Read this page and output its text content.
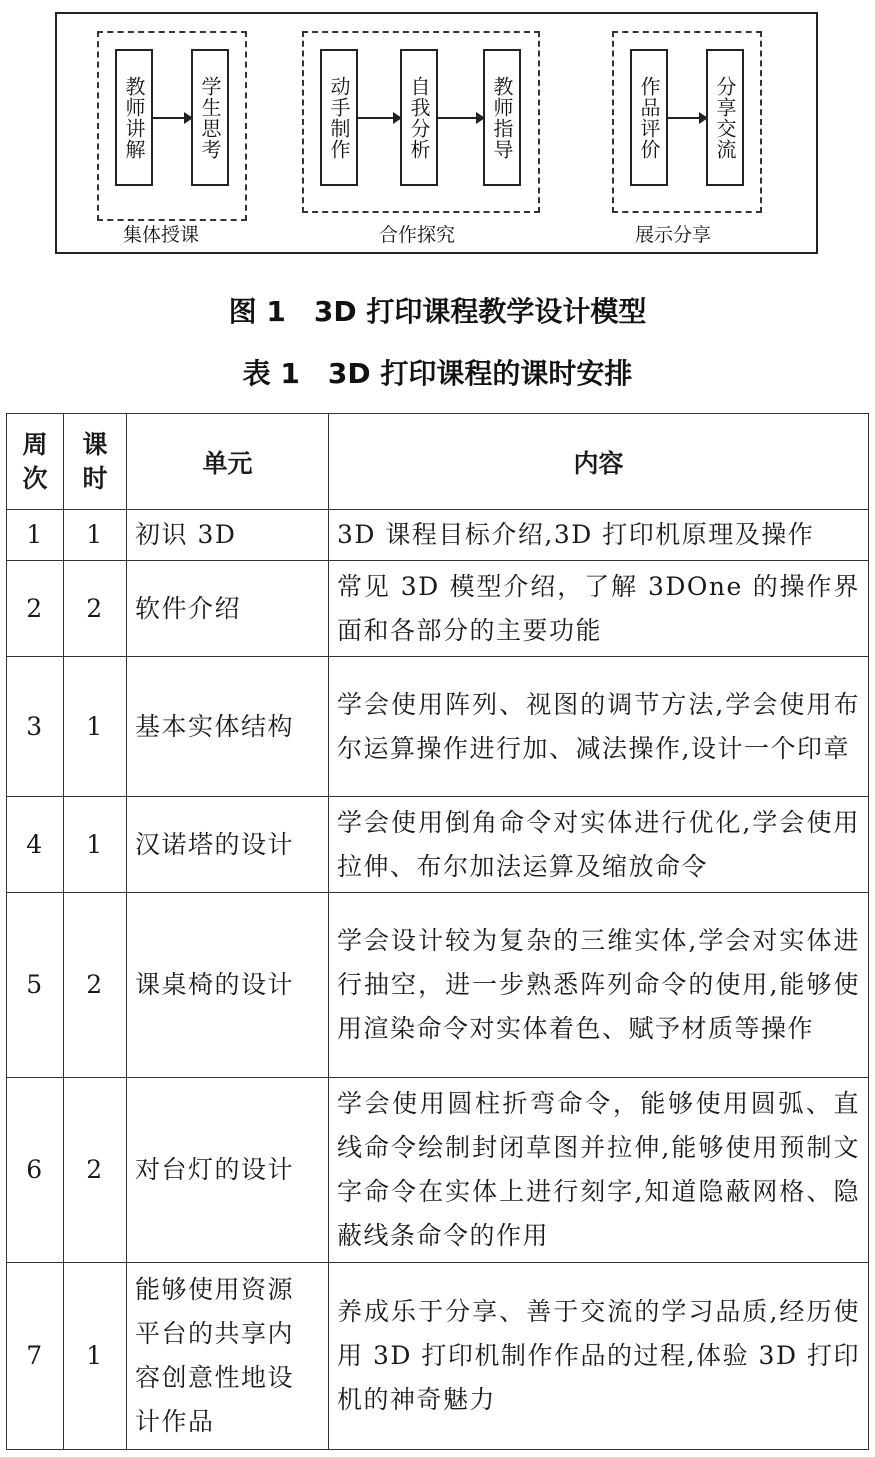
教师讲解	学生思考
集体授课
动手制作	自我分析	教师指导
合作探究
作品评价	分享交流
展示分享
图 1　3D 打印课程教学设计模型
表 1　3D 打印课程的课时安排
周次	课时	单元	内容
1	1	初识 3D	3D 课程目标介绍,3D 打印机原理及操作
2	2	软件介绍	常见 3D 模型介绍，了解 3DOne 的操作界面和各部分的主要功能
3	1	基本实体结构	学会使用阵列、视图的调节方法,学会使用布尔运算操作进行加、减法操作,设计一个印章
4	1	汉诺塔的设计	学会使用倒角命令对实体进行优化,学会使用拉伸、布尔加法运算及缩放命令
5	2	课桌椅的设计	学会设计较为复杂的三维实体,学会对实体进行抽空，进一步熟悉阵列命令的使用,能够使用渲染命令对实体着色、赋予材质等操作
6	2	对台灯的设计	学会使用圆柱折弯命令，能够使用圆弧、直线命令绘制封闭草图并拉伸,能够使用预制文字命令在实体上进行刻字,知道隐蔽网格、隐蔽线条命令的作用
7	1	能够使用资源平台的共享内容创意性地设计作品	养成乐于分享、善于交流的学习品质,经历使用 3D 打印机制作作品的过程,体验 3D 打印机的神奇魅力
